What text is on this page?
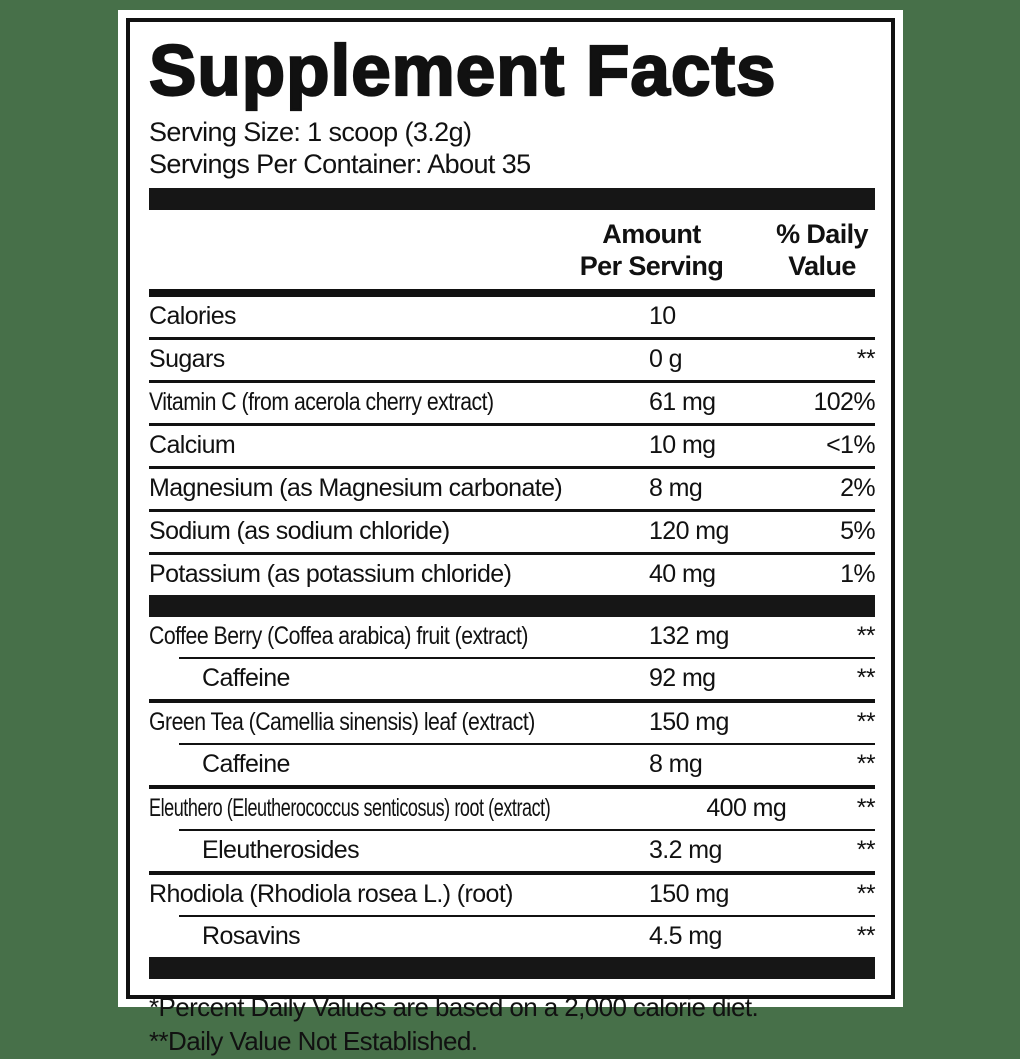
Supplement Facts
Serving Size: 1 scoop (3.2g)
Servings Per Container: About 35
Amount
Per Serving
% Daily
Value
Calories	10
Sugars	0 g	**
Vitamin C (from acerola cherry extract)	61 mg	102%
Calcium	10 mg	<1%
Magnesium (as Magnesium carbonate)	8 mg	2%
Sodium (as sodium chloride)	120 mg	5%
Potassium (as potassium chloride)	40 mg	1%
Coffee Berry (Coffea arabica) fruit (extract)	132 mg	**
Caffeine	92 mg	**
Green Tea (Camellia sinensis) leaf (extract)	150 mg	**
Caffeine	8 mg	**
Eleuthero (Eleutherococcus senticosus) root (extract)	400 mg	**
Eleutherosides	3.2 mg	**
Rhodiola (Rhodiola rosea L.) (root)	150 mg	**
Rosavins	4.5 mg	**
*Percent Daily Values are based on a 2,000 calorie diet.
**Daily Value Not Established.
